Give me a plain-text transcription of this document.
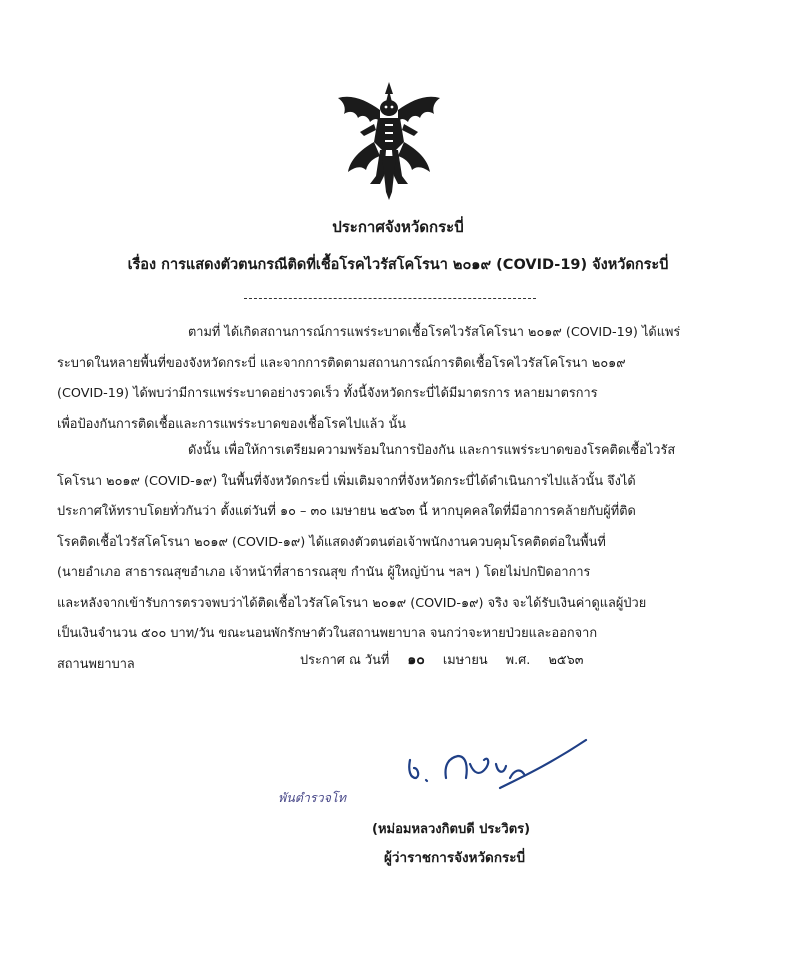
ประกาศจังหวัดกระบี่
เรื่อง การแสดงตัวตนกรณีติดที่เชื้อโรคไวรัสโคโรนา ๒๐๑๙ (COVID-19) จังหวัดกระบี่
ตามที่ ได้เกิดสถานการณ์การแพร่ระบาดเชื้อโรคไวรัสโคโรนา ๒๐๑๙ (COVID-19) ได้แพร่
ระบาดในหลายพื้นที่ของจังหวัดกระบี่ และจากการติดตามสถานการณ์การติดเชื้อโรคไวรัสโคโรนา ๒๐๑๙
(COVID-19) ได้พบว่ามีการแพร่ระบาดอย่างรวดเร็ว ทั้งนี้จังหวัดกระบี่ได้มีมาตรการ หลายมาตรการ
เพื่อป้องกันการติดเชื้อและการแพร่ระบาดของเชื้อโรคไปแล้ว นั้น
ดังนั้น เพื่อให้การเตรียมความพร้อมในการป้องกัน และการแพร่ระบาดของโรคติดเชื้อไวรัส
โคโรนา ๒๐๑๙ (COVID-๑๙) ในพื้นที่จังหวัดกระบี่ เพิ่มเติมจากที่จังหวัดกระบี่ได้ดำเนินการไปแล้วนั้น จึงได้
ประกาศให้ทราบโดยทั่วกันว่า ตั้งแต่วันที่ ๑๐ – ๓๐ เมษายน ๒๕๖๓ นี้ หากบุคคลใดที่มีอาการคล้ายกับผู้ที่ติด
โรคติดเชื้อไวรัสโคโรนา ๒๐๑๙ (COVID-๑๙) ได้แสดงตัวตนต่อเจ้าพนักงานควบคุมโรคติดต่อในพื้นที่
(นายอำเภอ สาธารณสุขอำเภอ เจ้าหน้าที่สาธารณสุข กำนัน ผู้ใหญ่บ้าน ฯลฯ ) โดยไม่ปกปิดอาการ
และหลังจากเข้ารับการตรวจพบว่าได้ติดเชื้อไวรัสโคโรนา ๒๐๑๙ (COVID-๑๙) จริง จะได้รับเงินค่าดูแลผู้ป่วย
เป็นเงินจำนวน ๕๐๐ บาท/วัน ขณะนอนพักรักษาตัวในสถานพยาบาล จนกว่าจะหายป่วยและออกจาก
สถานพยาบาล	ประกาศ ณ วันที่ ๑๐ เมษายน พ.ศ. ๒๕๖๓
พันตำรวจโท
(หม่อมหลวงกิตบดี ประวิตร)
ผู้ว่าราชการจังหวัดกระบี่
